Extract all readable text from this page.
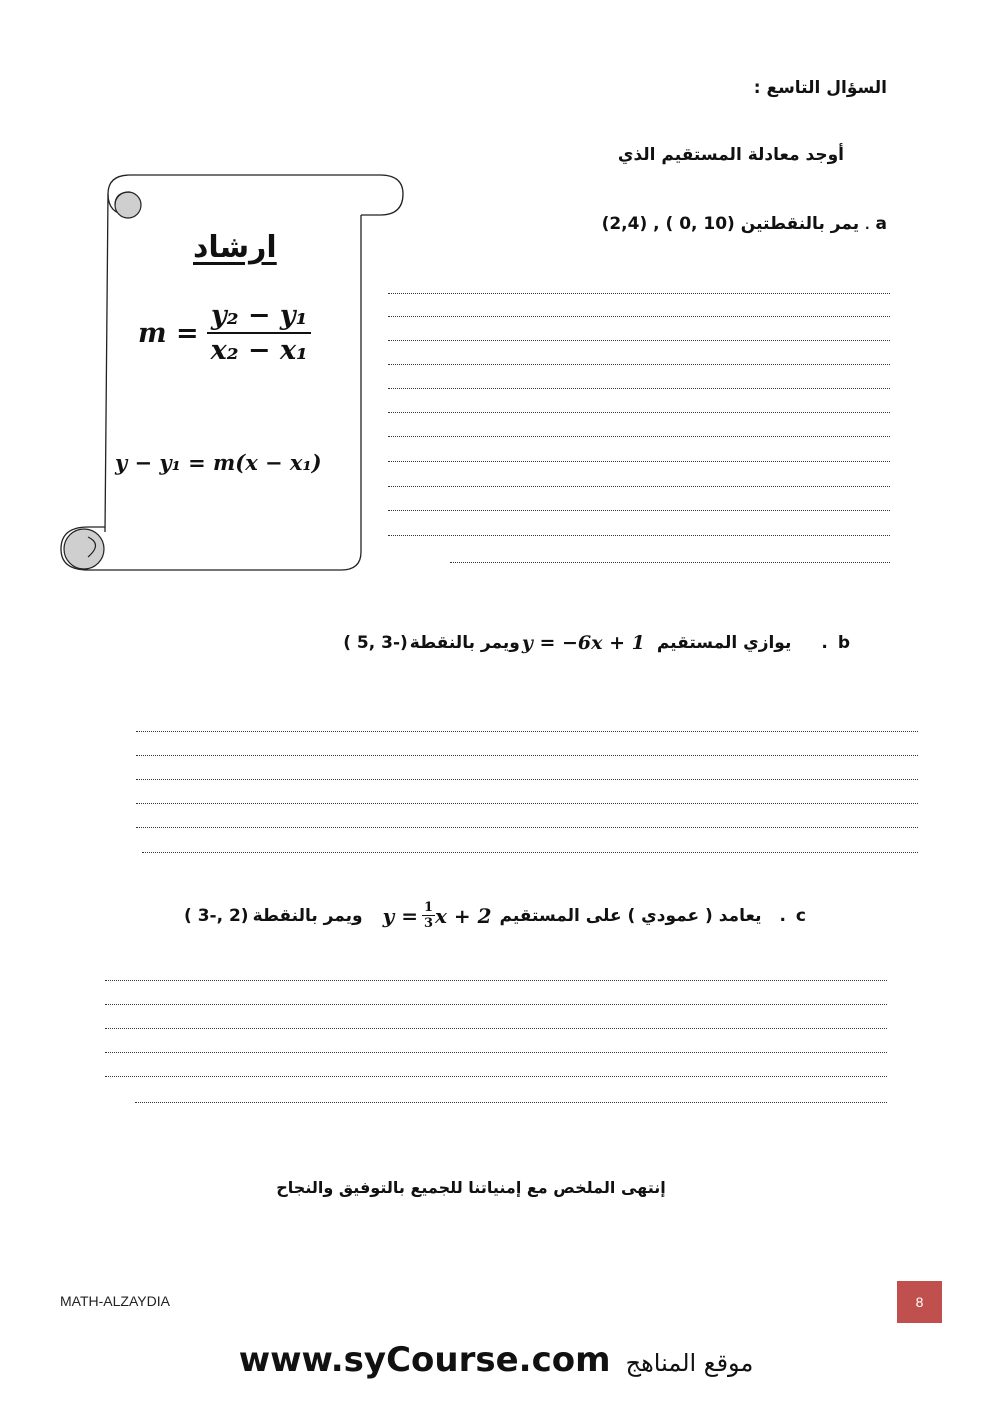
السؤال التاسع :
أوجد معادلة المستقيم الذي
(2,4) , ( 0, 10) يمر بالنقطتين . a
ارشاد
$m = \frac{\text{y₂ − y₁}}{\text{x₂ − x₁}}$
y − y₁ = m(x − x₁)
( 5, 3-) ويمر بالنقطة y = −6x + 1 يوازي المستقيم . b
( 3-, 2) ويمر بالنقطة $y = \frac{1}{3}$ x + 2 يعامد ( عمودي ) على المستقيم . c
إنتهى الملخص مع إمنياتنا للجميع بالتوفيق والنجاح
MATH-ALZAYDIA	8
www.syCourse.com موقع المناهج
